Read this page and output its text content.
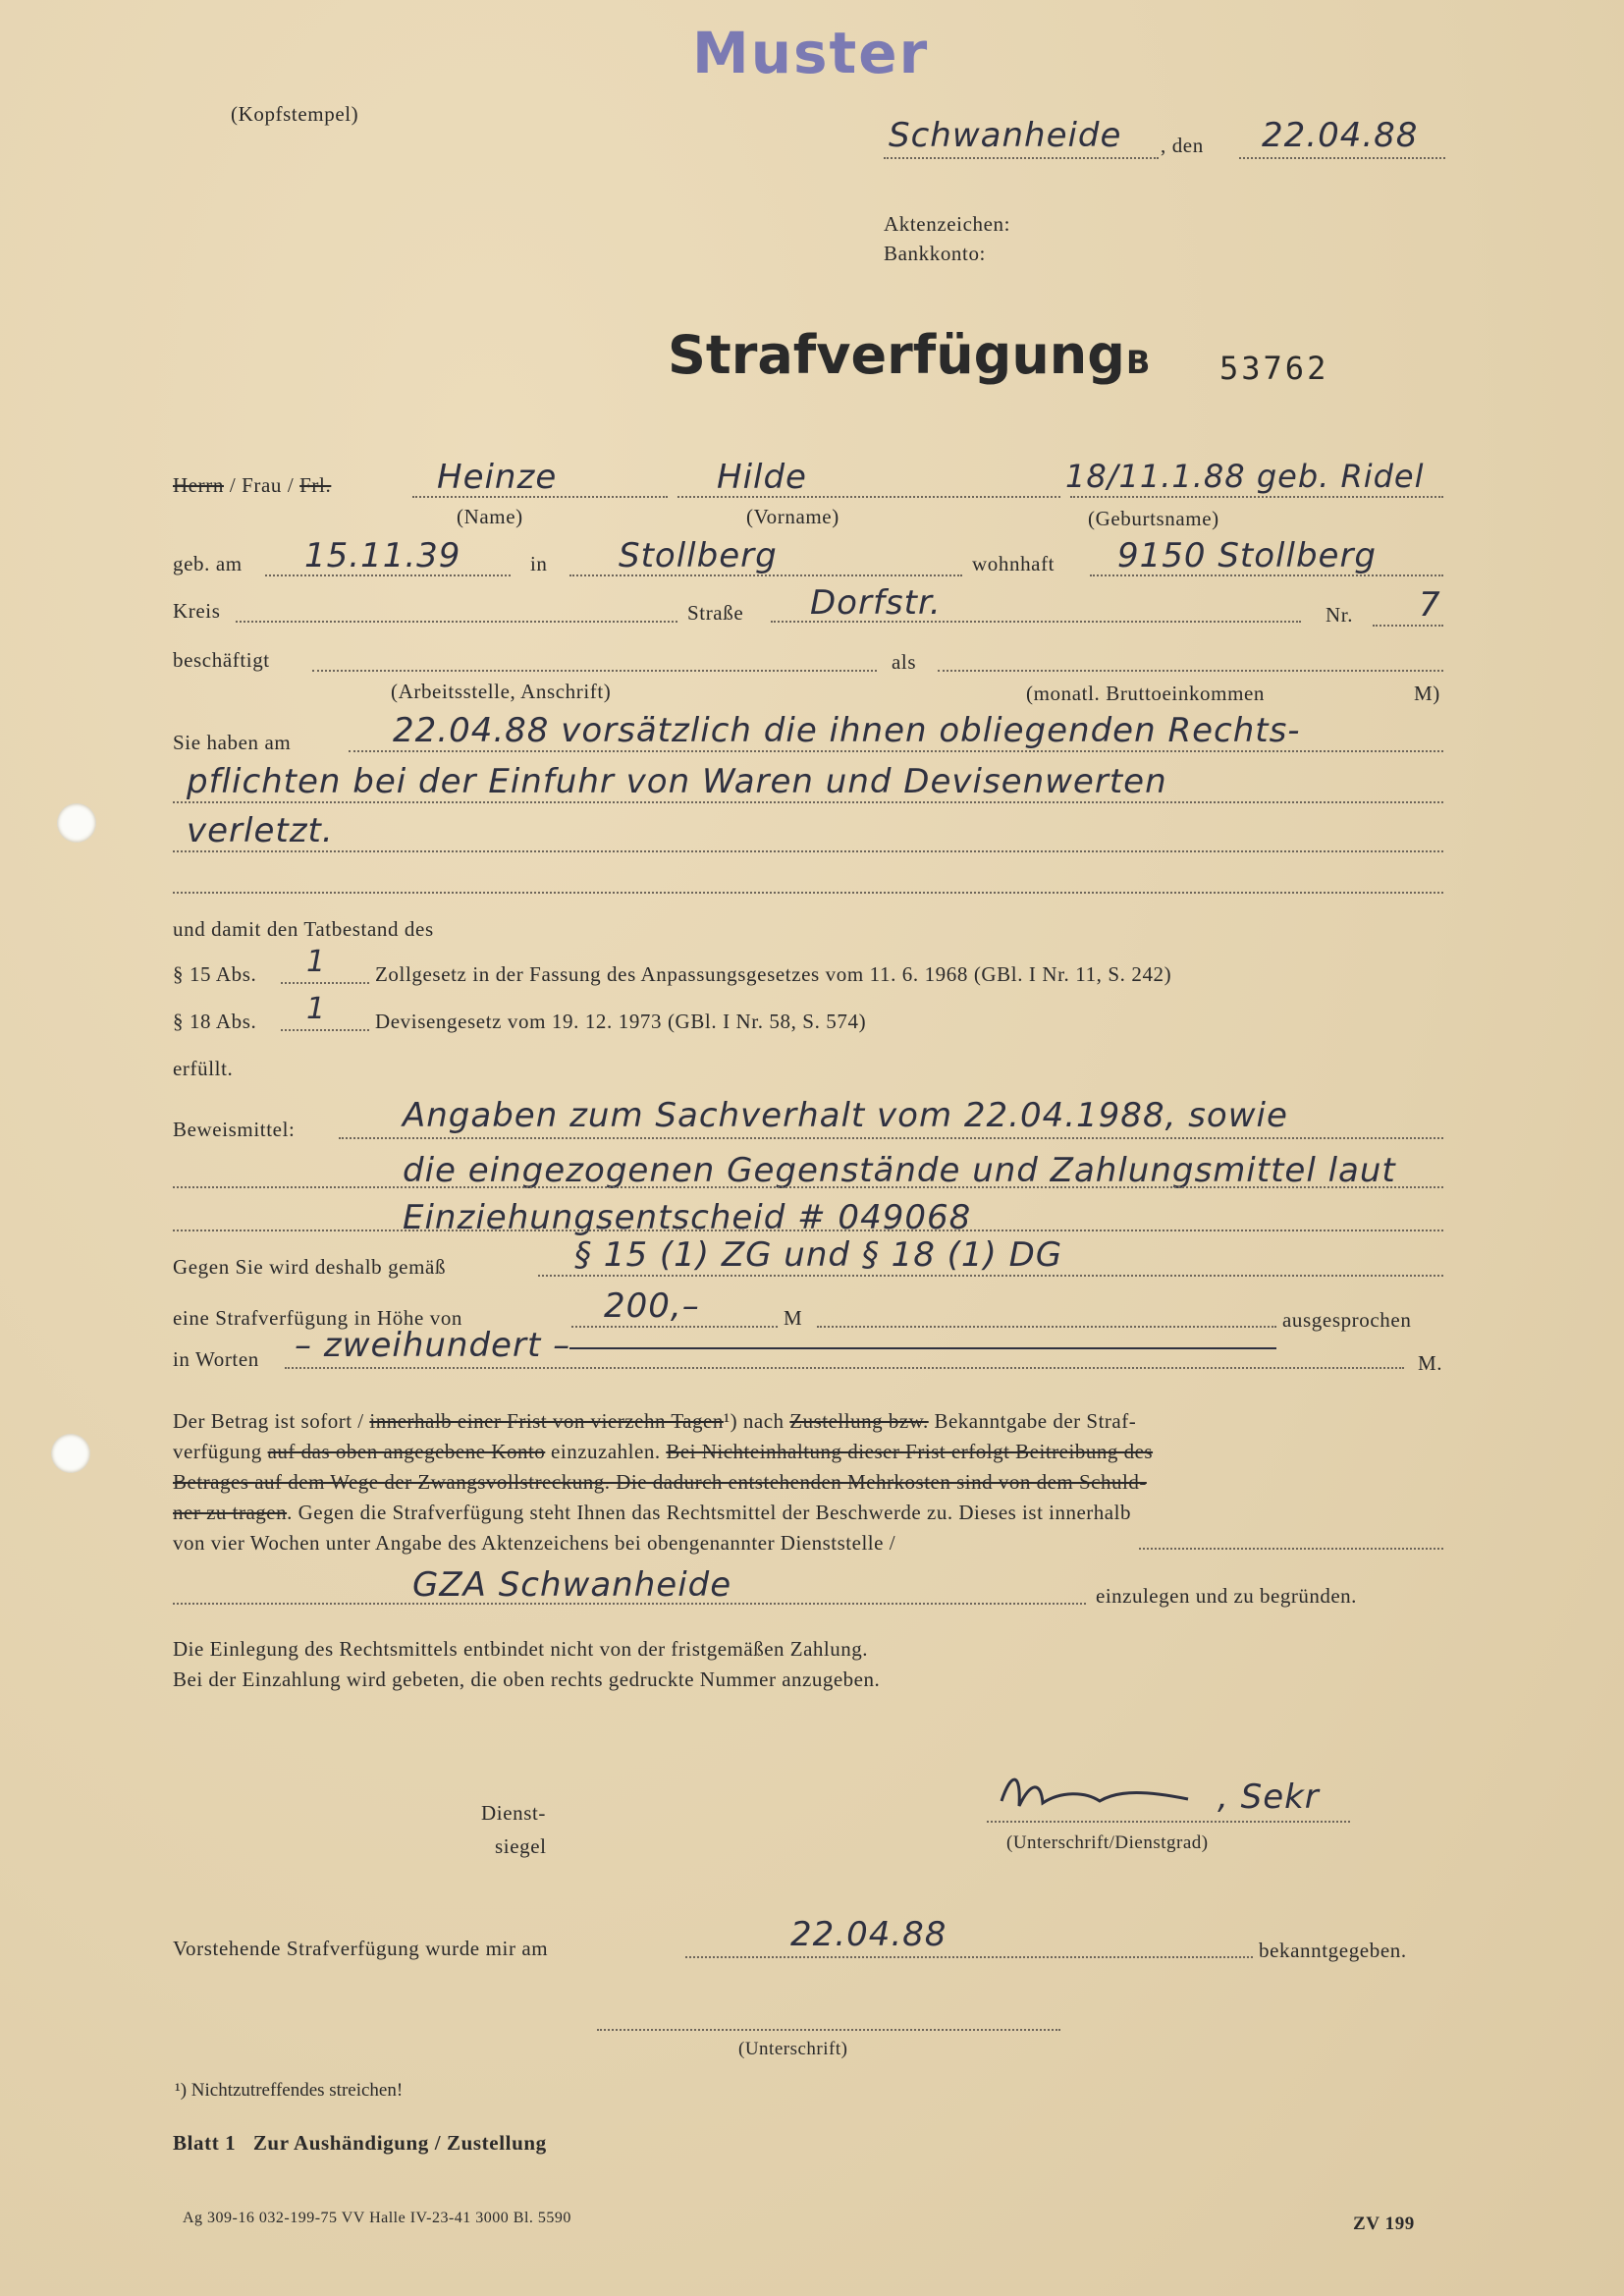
Muster
(Kopfstempel)
Schwanheide , den 22.04.88
Aktenzeichen:
Bankkonto:
Strafverfügung B 53762
Herrn / Frau / Frl.	Heinze	Hilde	18/11.1.88 geb. Ridel
(Name)	(Vorname)	(Geburtsname)
geb. am 15.11.39	in Stollberg	wohnhaft 9150 Stollberg
Kreis	Straße Dorfstr.	Nr. 7
beschäftigt	als
(Arbeitsstelle, Anschrift)	(monatl. Bruttoeinkommen	M)
Sie haben am	22.04.88 vorsätzlich die ihnen obliegenden Rechts-
pflichten bei der Einfuhr von Waren und Devisenwerten
verletzt.
und damit den Tatbestand des
§ 15 Abs. 1 Zollgesetz in der Fassung des Anpassungsgesetzes vom 11. 6. 1968 (GBl. I Nr. 11, S. 242)
§ 18 Abs. 1 Devisengesetz vom 19. 12. 1973 (GBl. I Nr. 58, S. 574)
erfüllt.
Beweismittel:	Angaben zum Sachverhalt vom 22.04.1988, sowie
die eingezogenen Gegenstände und Zahlungsmittel laut
Einziehungsentscheid # 049068
Gegen Sie wird deshalb gemäß	§ 15 (1) ZG und § 18 (1) DG
eine Strafverfügung in Höhe von	200,–	M	ausgesprochen
in Worten – zweihundert –	M.
Der Betrag ist sofort / innerhalb einer Frist von vierzehn Tagen¹) nach Zustellung bzw. Bekanntgabe der Straf-
verfügung auf das oben angegebene Konto einzuzahlen. Bei Nichteinhaltung dieser Frist erfolgt Beitreibung des
Betrages auf dem Wege der Zwangsvollstreckung. Die dadurch entstehenden Mehrkosten sind von dem Schuld-
ner zu tragen. Gegen die Strafverfügung steht Ihnen das Rechtsmittel der Beschwerde zu. Dieses ist innerhalb
von vier Wochen unter Angabe des Aktenzeichens bei obengenannter Dienststelle /
GZA Schwanheide	einzulegen und zu begründen.
Die Einlegung des Rechtsmittels entbindet nicht von der fristgemäßen Zahlung.
Bei der Einzahlung wird gebeten, die oben rechts gedruckte Nummer anzugeben.
Dienst-
siegel
, Sekr
(Unterschrift/Dienstgrad)
Vorstehende Strafverfügung wurde mir am	22.04.88	bekanntgegeben.
(Unterschrift)
¹) Nichtzutreffendes streichen!
Blatt 1   Zur Aushändigung / Zustellung
Ag 309-16 032-199-75 VV Halle IV-23-41 3000 Bl. 5590	ZV 199
